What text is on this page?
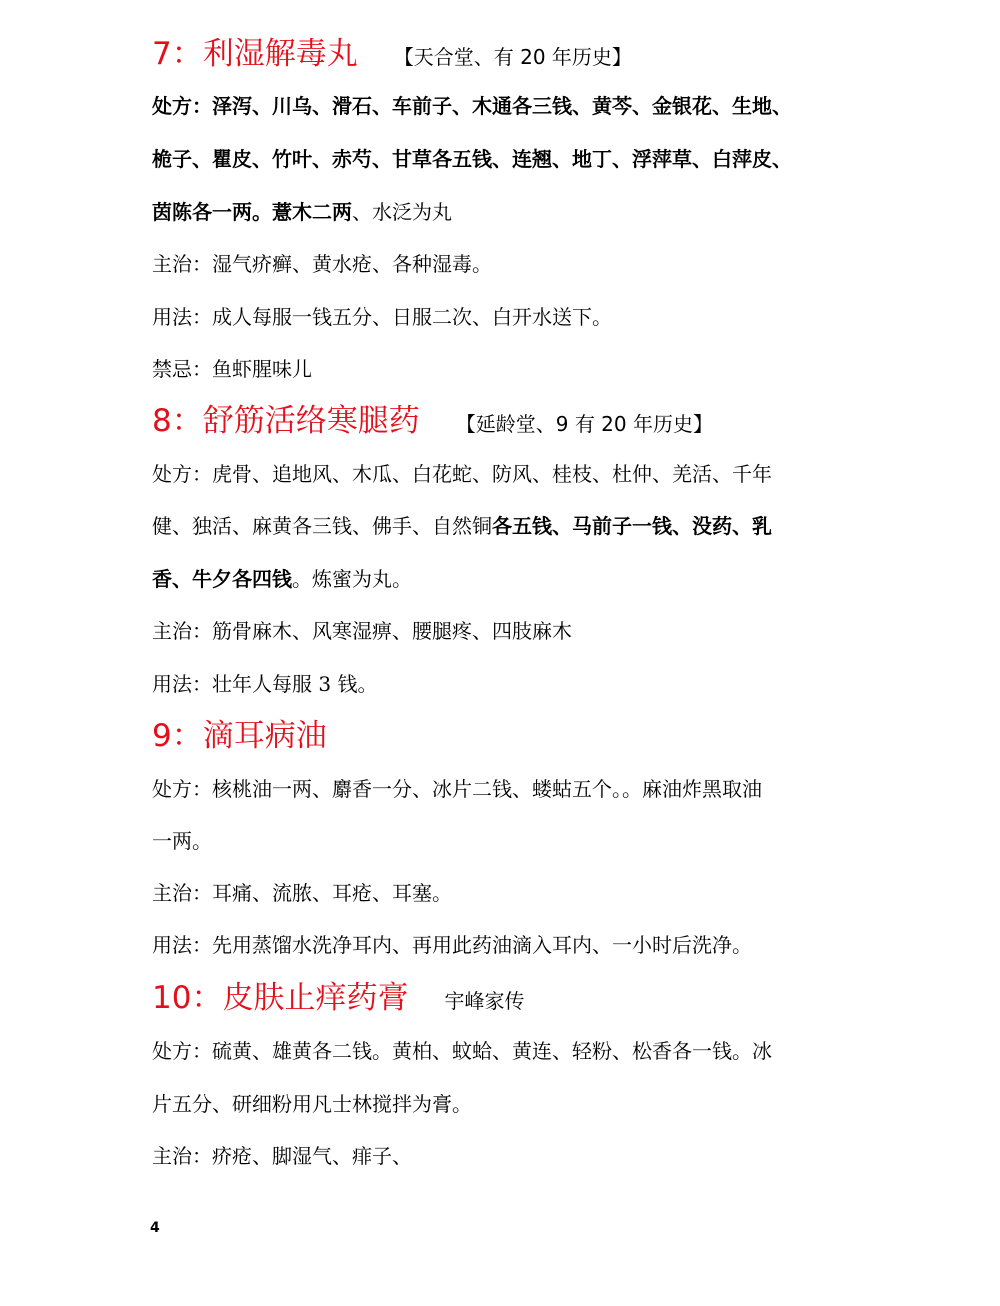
7：利湿解毒丸 【天合堂、有 20 年历史】
处方：泽泻、川乌、滑石、车前子、木通各三钱、黄芩、金银花、生地、
桅子、瞿皮、竹叶、赤芍、甘草各五钱、连翘、地丁、浮萍草、白萍皮、
茵陈各一两。薏木二两、水泛为丸
主治：湿气疥癣、黄水疮、各种湿毒。
用法：成人每服一钱五分、日服二次、白开水送下。
禁忌：鱼虾腥味儿
8：舒筋活络寒腿药 【延龄堂、9 有 20 年历史】
处方：虎骨、追地风、木瓜、白花蛇、防风、桂枝、杜仲、羌活、千年
健、独活、麻黄各三钱、佛手、自然铜各五钱、马前子一钱、没药、乳
香、牛夕各四钱。炼蜜为丸。
主治：筋骨麻木、风寒湿痹、腰腿疼、四肢麻木
用法：壮年人每服 3 钱。
9：滴耳病油
处方：核桃油一两、麝香一分、冰片二钱、蝼蛄五个。。麻油炸黑取油
一两。
主治：耳痛、流脓、耳疮、耳塞。
用法：先用蒸馏水洗净耳内、再用此药油滴入耳内、一小时后洗净。
10：皮肤止痒药膏 宇峰家传
处方：硫黄、雄黄各二钱。黄柏、蚊蛤、黄连、轻粉、松香各一钱。冰
片五分、研细粉用凡士林搅拌为膏。
主治：疥疮、脚湿气、痱子、
4
